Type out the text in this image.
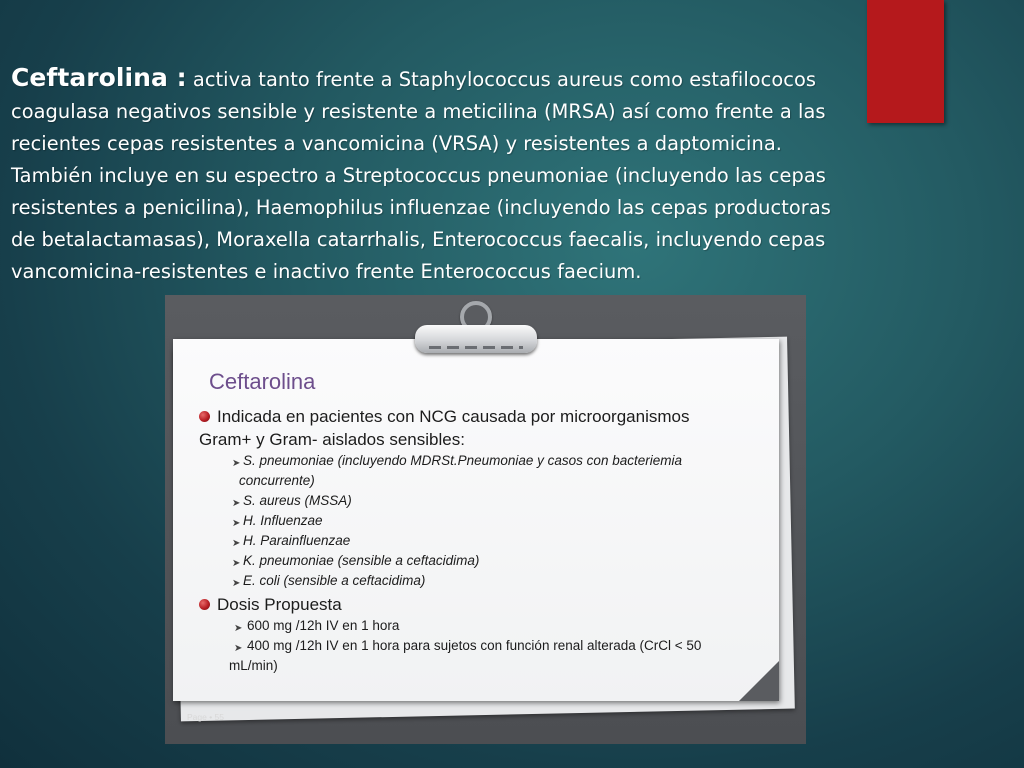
Ceftarolina : activa tanto frente a Staphylococcus aureus como estafilococos
coagulasa negativos sensible y resistente a meticilina (MRSA) así como frente a las
recientes cepas resistentes a vancomicina (VRSA) y resistentes a daptomicina.
También incluye en su espectro a Streptococcus pneumoniae (incluyendo las cepas
resistentes a penicilina), Haemophilus influenzae (incluyendo las cepas productoras
de betalactamasas), Moraxella catarrhalis, Enterococcus faecalis, incluyendo cepas
vancomicina-resistentes e inactivo frente Enterococcus faecium.
Ceftarolina
Indicada en pacientes con NCG causada por microorganismos
Gram+ y Gram- aislados sensibles:
➤ S. pneumoniae (incluyendo MDRSt.Pneumoniae y casos con bacteriemia
concurrente)
➤ S. aureus (MSSA)
➤ H. Influenzae
➤ H. Parainfluenzae
➤ K. pneumoniae (sensible a ceftacidima)
➤ E. coli (sensible a ceftacidima)
Dosis Propuesta
➤ 600 mg /12h IV en 1 hora
➤ 400 mg /12h IV en 1 hora para sujetos con función renal alterada (CrCl < 50
mL/min)
Page • 55
